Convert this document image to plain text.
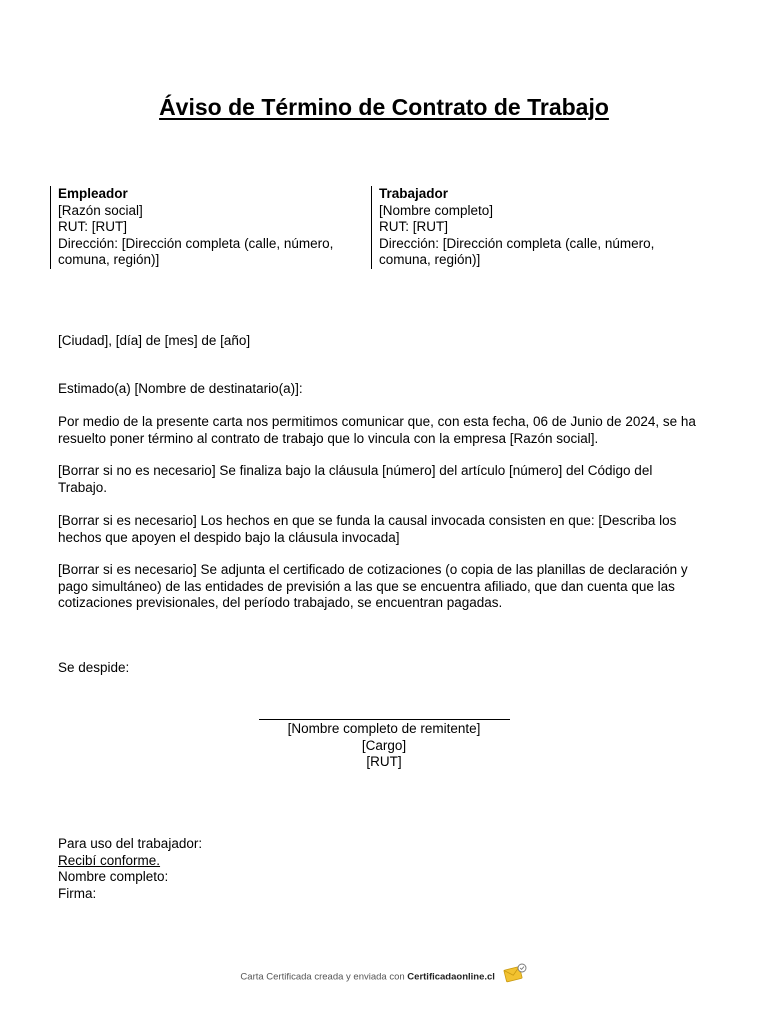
Áviso de Término de Contrato de Trabajo
Empleador
[Razón social]
RUT: [RUT]
Dirección: [Dirección completa (calle, número,
comuna, región)]
Trabajador
[Nombre completo]
RUT: [RUT]
Dirección: [Dirección completa (calle, número,
comuna, región)]
[Ciudad], [día] de [mes] de [año]
Estimado(a) [Nombre de destinatario(a)]:
Por medio de la presente carta nos permitimos comunicar que, con esta fecha, 06 de Junio de 2024, se ha
resuelto poner término al contrato de trabajo que lo vincula con la empresa [Razón social].
[Borrar si no es necesario] Se finaliza bajo la cláusula [número] del artículo [número] del Código del
Trabajo.
[Borrar si es necesario] Los hechos en que se funda la causal invocada consisten en que: [Describa los
hechos que apoyen el despido bajo la cláusula invocada]
[Borrar si es necesario] Se adjunta el certificado de cotizaciones (o copia de las planillas de declaración y
pago simultáneo) de las entidades de previsión a las que se encuentra afiliado, que dan cuenta que las
cotizaciones previsionales, del período trabajado, se encuentran pagadas.
Se despide:
[Nombre completo de remitente]
[Cargo]
[RUT]
Para uso del trabajador:
Recibí conforme.
Nombre completo:
Firma:
Carta Certificada creada y enviada con Certificadaonline.cl
